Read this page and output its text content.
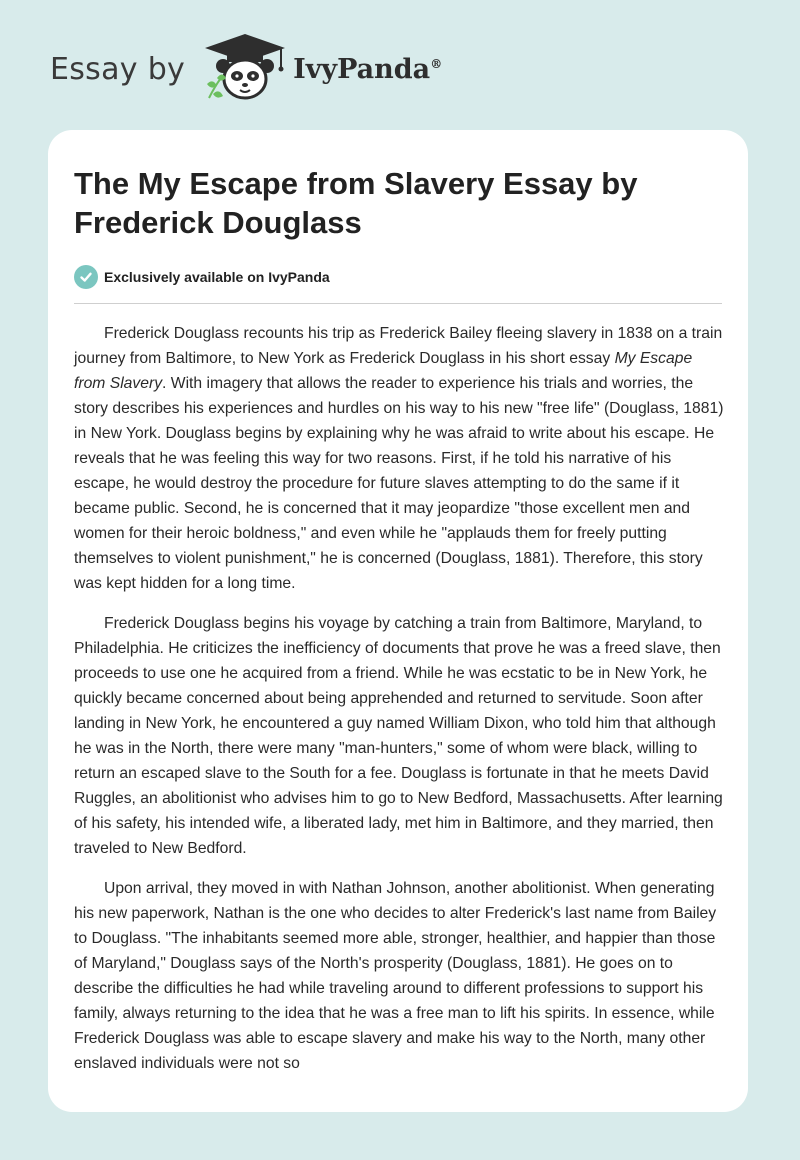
Essay by	IvyPanda®
The My Escape from Slavery Essay by Frederick Douglass
Exclusively available on IvyPanda

Frederick Douglass recounts his trip as Frederick Bailey fleeing slavery in 1838 on a train journey from Baltimore, to New York as Frederick Douglass in his short essay My Escape from Slavery. With imagery that allows the reader to experience his trials and worries, the story describes his experiences and hurdles on his way to his new "free life" (Douglass, 1881) in New York. Douglass begins by explaining why he was afraid to write about his escape. He reveals that he was feeling this way for two reasons. First, if he told his narrative of his escape, he would destroy the procedure for future slaves attempting to do the same if it became public. Second, he is concerned that it may jeopardize "those excellent men and women for their heroic boldness," and even while he "applauds them for freely putting themselves to violent punishment," he is concerned (Douglass, 1881). Therefore, this story was kept hidden for a long time.

Frederick Douglass begins his voyage by catching a train from Baltimore, Maryland, to Philadelphia. He criticizes the inefficiency of documents that prove he was a freed slave, then proceeds to use one he acquired from a friend. While he was ecstatic to be in New York, he quickly became concerned about being apprehended and returned to servitude. Soon after landing in New York, he encountered a guy named William Dixon, who told him that although he was in the North, there were many "man-hunters," some of whom were black, willing to return an escaped slave to the South for a fee. Douglass is fortunate in that he meets David Ruggles, an abolitionist who advises him to go to New Bedford, Massachusetts. After learning of his safety, his intended wife, a liberated lady, met him in Baltimore, and they married, then traveled to New Bedford.

Upon arrival, they moved in with Nathan Johnson, another abolitionist. When generating his new paperwork, Nathan is the one who decides to alter Frederick's last name from Bailey to Douglass. "The inhabitants seemed more able, stronger, healthier, and happier than those of Maryland," Douglass says of the North's prosperity (Douglass, 1881). He goes on to describe the difficulties he had while traveling around to different professions to support his family, always returning to the idea that he was a free man to lift his spirits. In essence, while Frederick Douglass was able to escape slavery and make his way to the North, many other enslaved individuals were not so
